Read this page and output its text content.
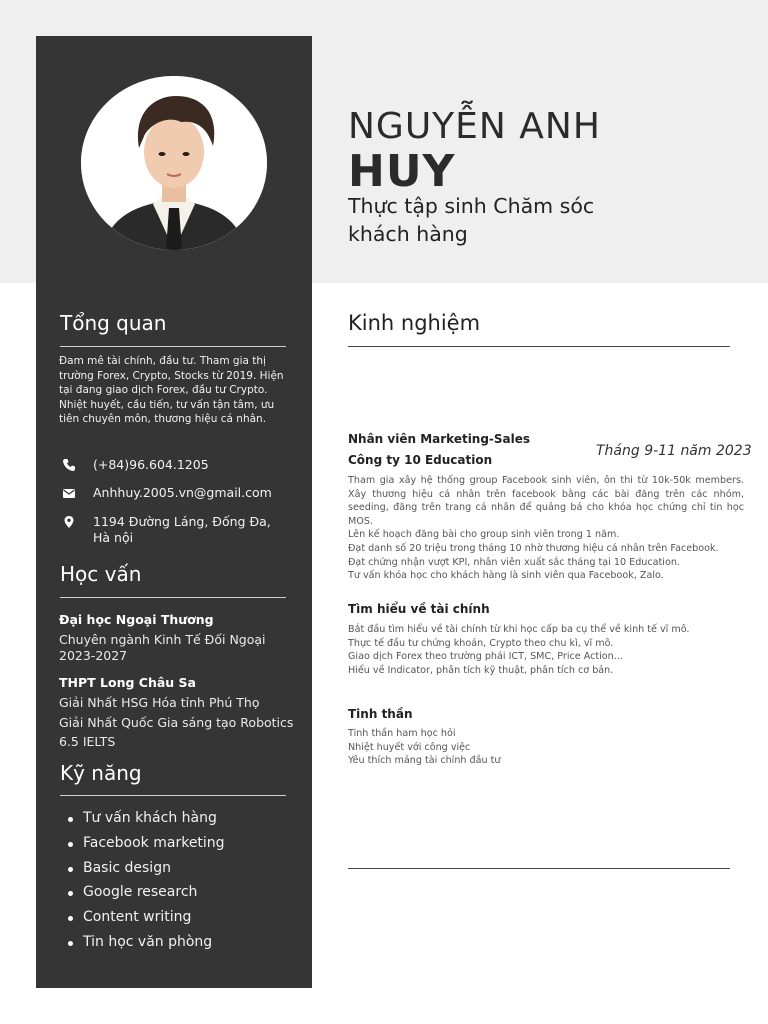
Tổng quan
Đam mê tài chính, đầu tư. Tham gia thị trường Forex, Crypto, Stocks từ 2019. Hiện tại đang giao dịch Forex, đầu tư Crypto. Nhiệt huyết, cầu tiến, tư vấn tận tâm, ưu tiên chuyên môn, thương hiệu cá nhân.
(+84)96.604.1205
Anhhuy.2005.vn@gmail.com
1194 Đường Láng, Đống Đa, Hà nội
Học vấn
Đại học Ngoại Thương
Chuyên ngành Kinh Tế Đối Ngoại
2023-2027
THPT Long Châu Sa
Giải Nhất HSG Hóa tỉnh Phú Thọ
Giải Nhất Quốc Gia sáng tạo Robotics
6.5 IELTS
Kỹ năng
Tư vấn khách hàng
Facebook marketing
Basic design
Google research
Content writing
Tin học văn phòng
NGUYỄN ANH
HUY
Thực tập sinh Chăm sóc khách hàng
Kinh nghiệm
Nhân viên Marketing-Sales
Công ty 10 Education
Tháng 9-11 năm 2023
Tham gia xây hệ thống group Facebook sinh viên, ôn thi từ 10k-50k members. Xây thương hiệu cá nhân trên facebook bằng các bài đăng trên các nhóm, seeding, đăng trên trang cá nhân để quảng bá cho khóa học chứng chỉ tin học MOS.
Lên kế hoạch đăng bài cho group sinh viên trong 1 năm.
Đạt danh số 20 triệu trong tháng 10 nhờ thương hiệu cá nhân trên Facebook.
Đạt chứng nhận vượt KPI, nhân viên xuất sắc tháng tại 10 Education.
Tư vấn khóa học cho khách hàng là sinh viên qua Facebook, Zalo.
Tìm hiểu về tài chính
Bắt đầu tìm hiểu về tài chính từ khi học cấp ba cụ thể về kinh tế vĩ mô.
Thực tế đầu tư chứng khoán, Crypto theo chu kì, vĩ mô.
Giao dịch Forex theo trường phái ICT, SMC, Price Action...
Hiểu về Indicator, phân tích kỹ thuật, phân tích cơ bản.
Tinh thần
Tinh thần ham học hỏi
Nhiệt huyết với công việc
Yêu thích mảng tài chính đầu tư
